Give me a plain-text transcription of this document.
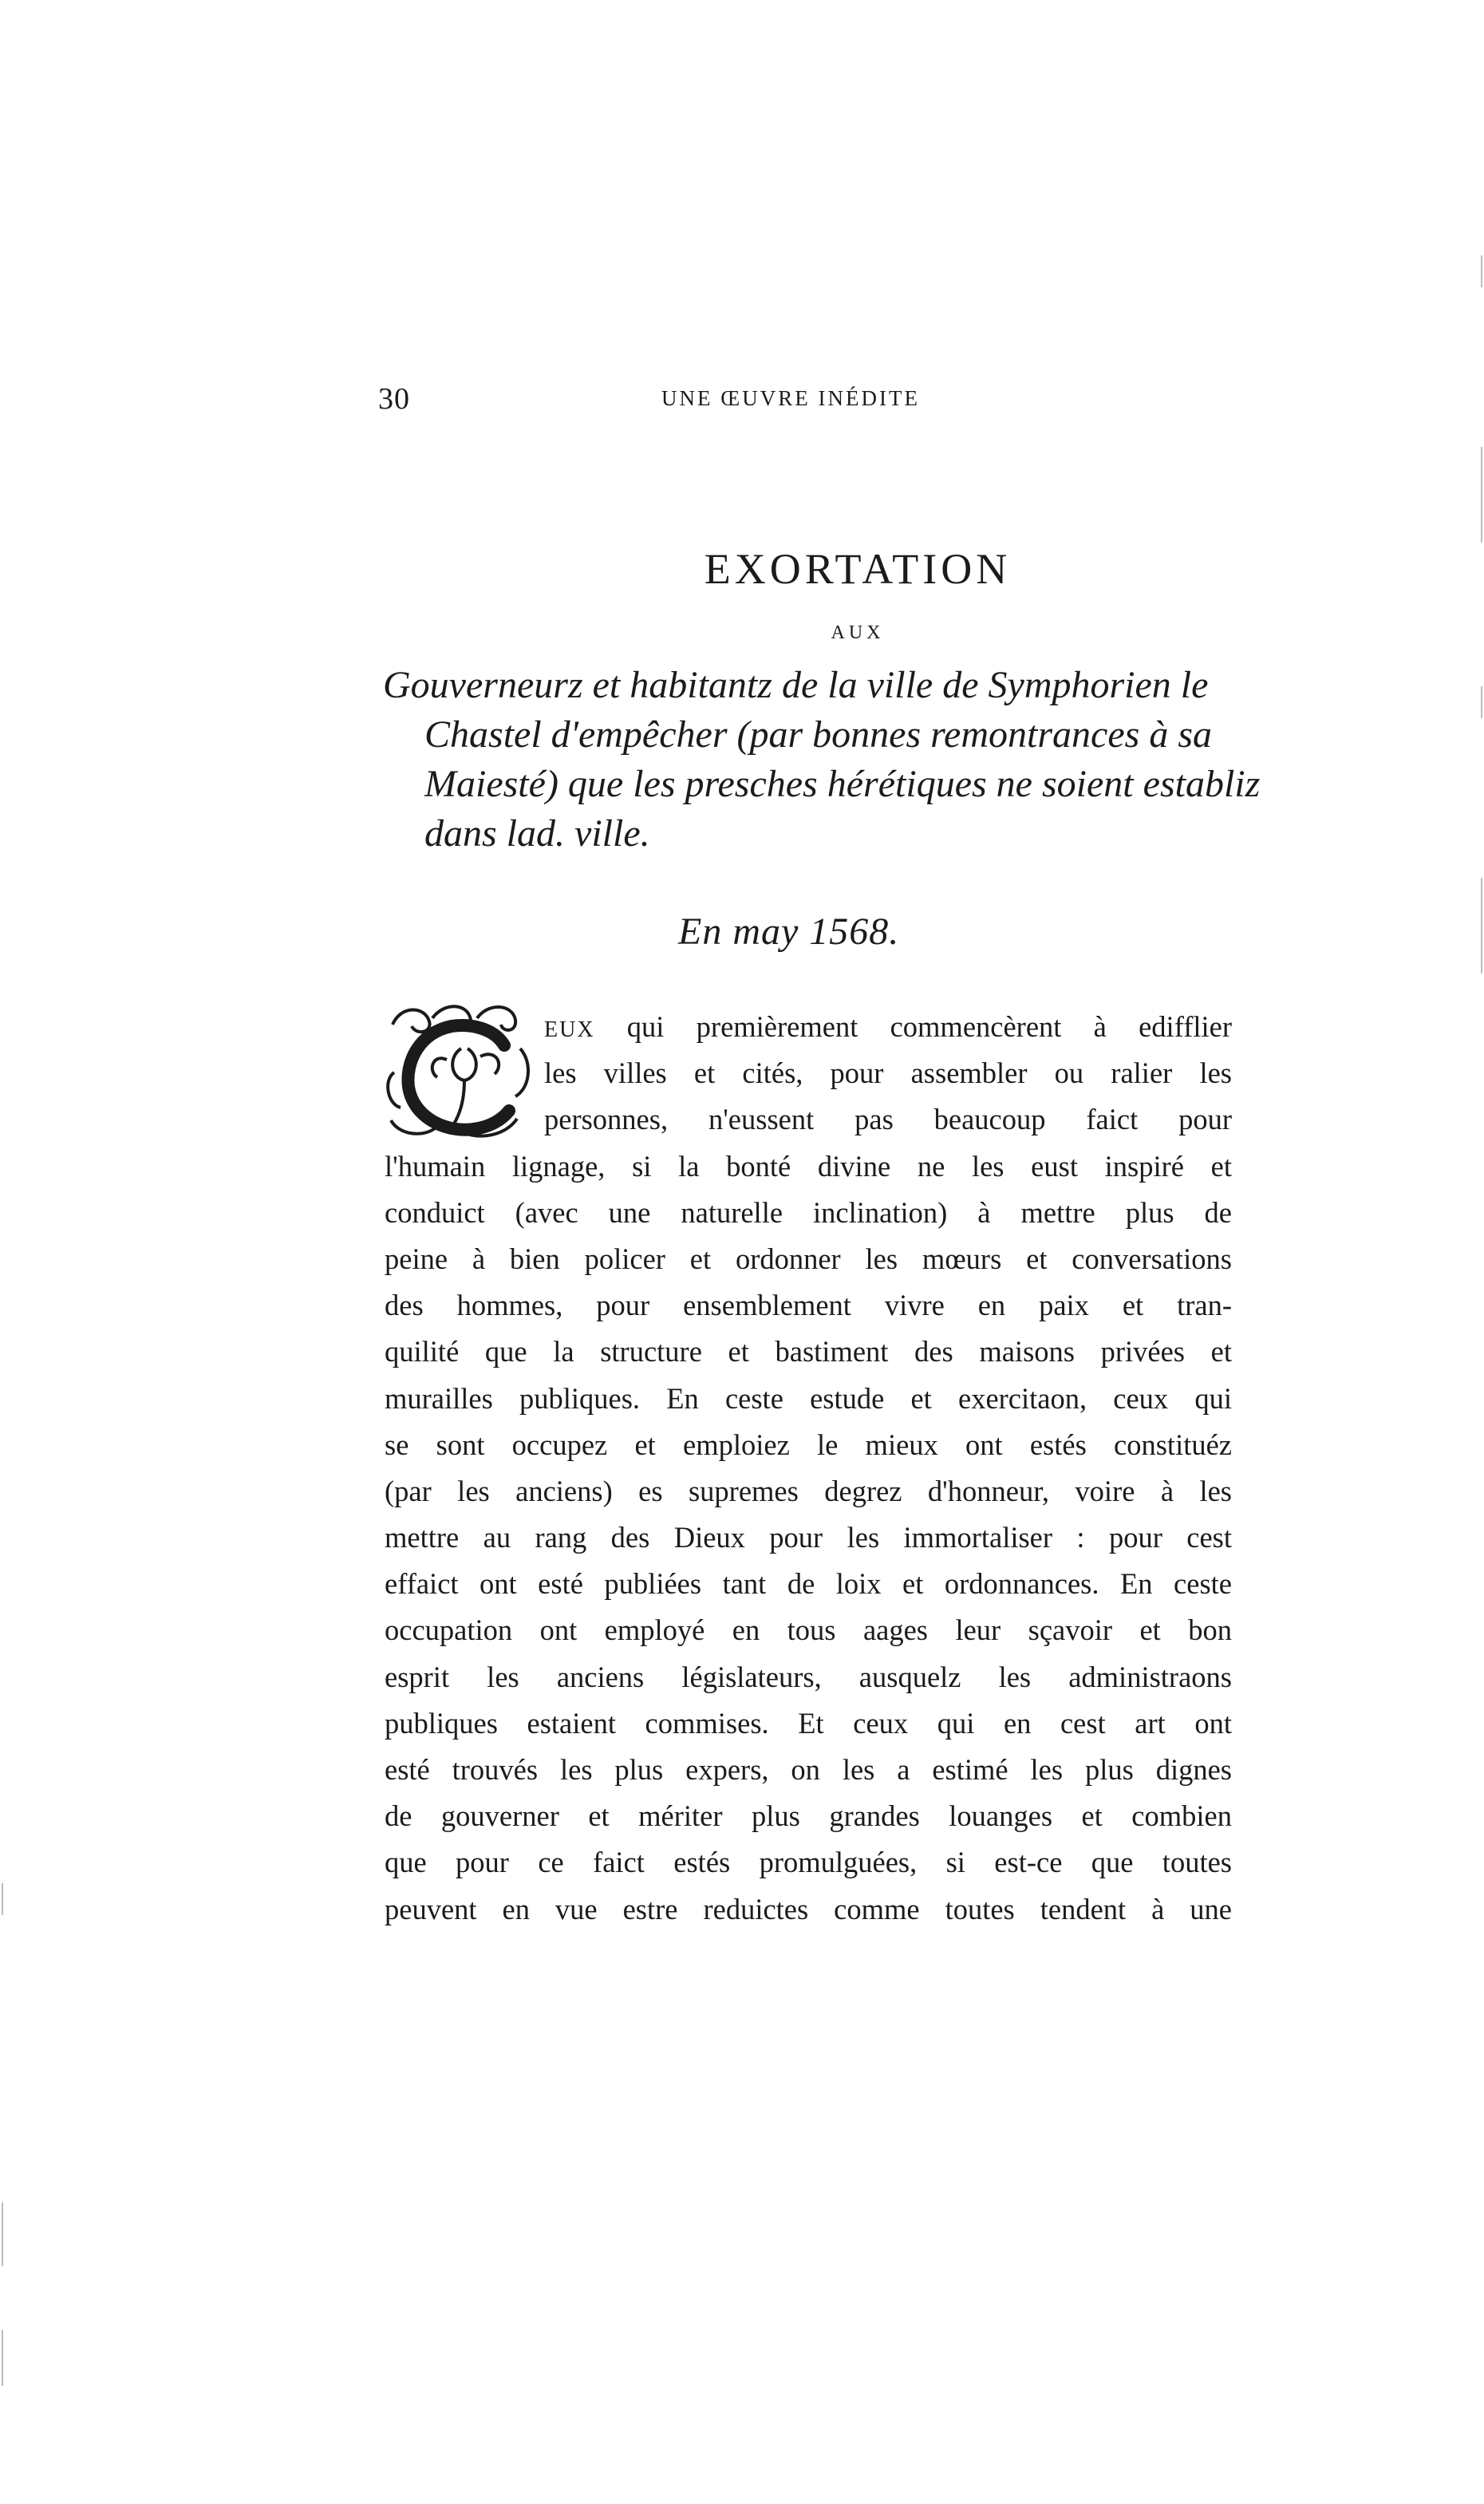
30	UNE ŒUVRE INÉDITE
EXORTATION
AUX
Gouverneurz et habitantz de la ville de Symphorien le
Chastel d'empêcher (par bonnes remontrances à sa
Maiesté) que les presches hérétiques ne soient establiz
dans lad. ville.
En may 1568.
EUX qui premièrement commencèrent à edifflier
les villes et cités, pour assembler ou ralier les
personnes, n'eussent pas beaucoup faict pour
l'humain lignage, si la bonté divine ne les eust inspiré et
conduict (avec une naturelle inclination) à mettre plus de
peine à bien policer et ordonner les mœurs et conversations
des hommes, pour ensemblement vivre en paix et tran-
quilité que la structure et bastiment des maisons privées et
murailles publiques. En ceste estude et exercitaon, ceux qui
se sont occupez et emploiez le mieux ont estés constituéz
(par les anciens) es supremes degrez d'honneur, voire à les
mettre au rang des Dieux pour les immortaliser : pour cest
effaict ont esté publiées tant de loix et ordonnances. En ceste
occupation ont employé en tous aages leur sçavoir et bon
esprit les anciens législateurs, ausquelz les administraons
publiques estaient commises. Et ceux qui en cest art ont
esté trouvés les plus expers, on les a estimé les plus dignes
de gouverner et mériter plus grandes louanges et combien
que pour ce faict estés promulguées, si est-ce que toutes
peuvent en vue estre reduictes comme toutes tendent à une
